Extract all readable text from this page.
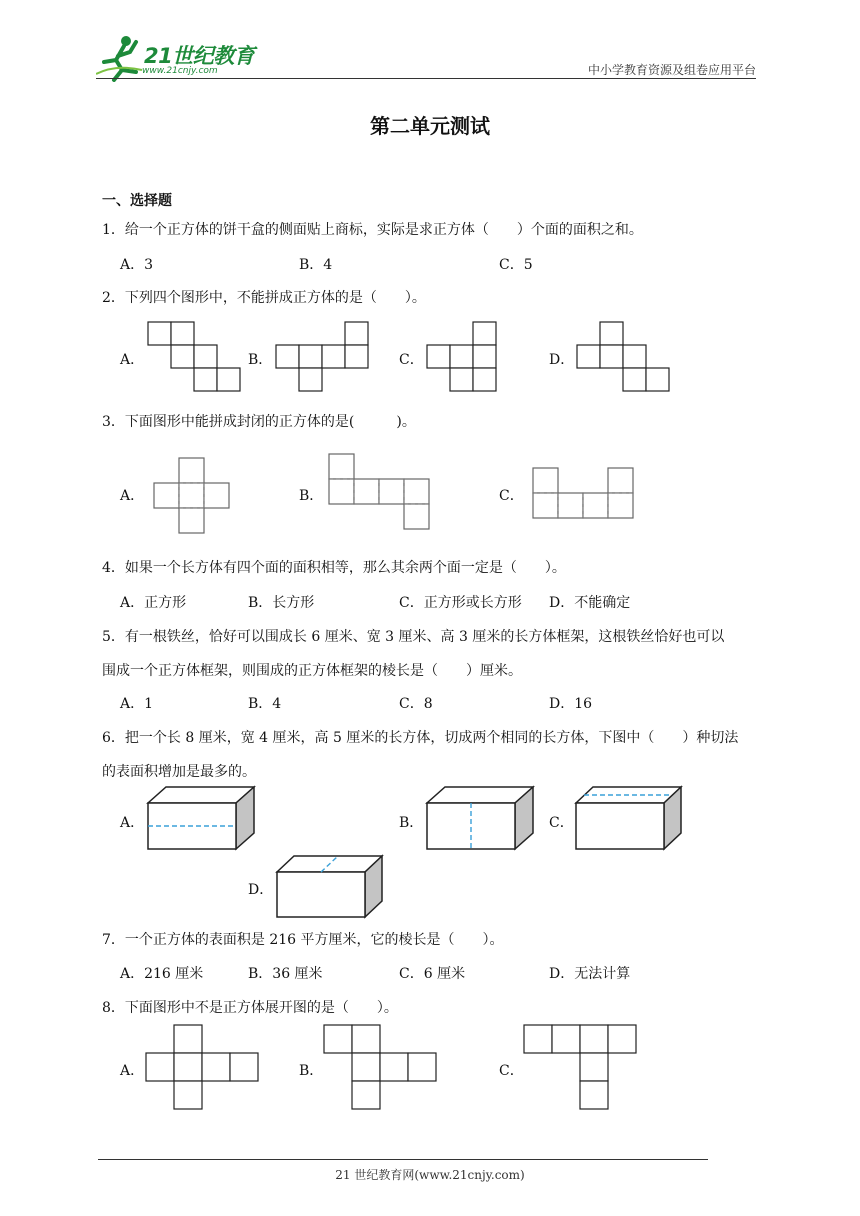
21世纪教育
www.21cnjy.com	中小学教育资源及组卷应用平台
第二单元测试
一、选择题
1．给一个正方体的饼干盒的侧面贴上商标，实际是求正方体（　　）个面的面积之和。
A．3	B．4	C．5
2．下列四个图形中，不能拼成正方体的是（　　）。
A．	B．	C．	D．
3．下面图形中能拼成封闭的正方体的是(　　　)。
A．	B．	C．
4．如果一个长方体有四个面的面积相等，那么其余两个面一定是（　　）。
A．正方形	B．长方形	C．正方形或长方形 D．不能确定
5．有一根铁丝，恰好可以围成长 6 厘米、宽 3 厘米、高 3 厘米的长方体框架，这根铁丝恰好也可以
围成一个正方体框架，则围成的正方体框架的棱长是（　　）厘米。
A．1	B．4	C．8	D．16
6．把一个长 8 厘米，宽 4 厘米，高 5 厘米的长方体，切成两个相同的长方体，下图中（　　）种切法
的表面积增加是最多的。
A．	B．	C．
D．
7．一个正方体的表面积是 216 平方厘米，它的棱长是（　　）。
A．216 厘米	B．36 厘米	C．6 厘米	D．无法计算
8．下面图形中不是正方体展开图的是（　　）。
A．	B．	C．
21 世纪教育网(www.21cnjy.com)
